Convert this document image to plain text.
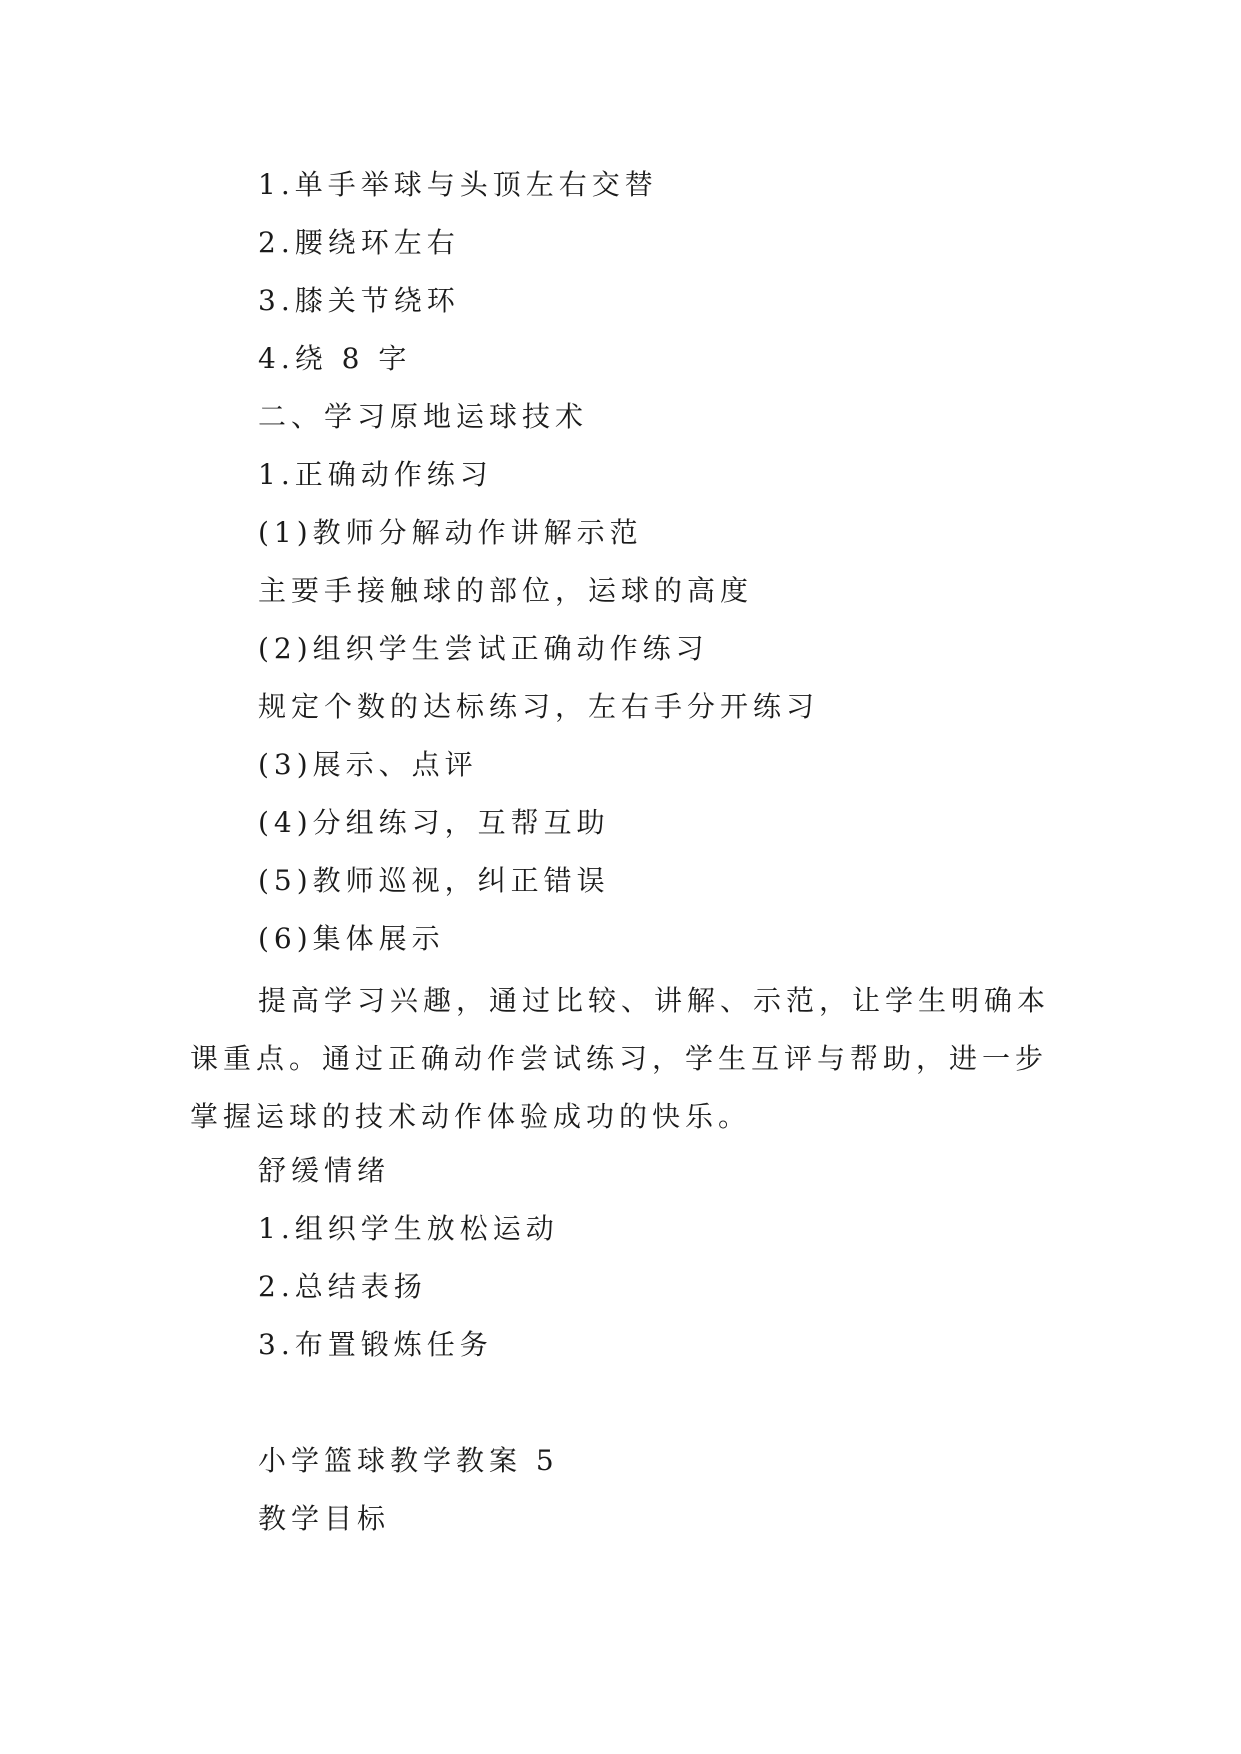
1.单手举球与头顶左右交替
2.腰绕环左右
3.膝关节绕环
4.绕 8 字
二、学习原地运球技术
1.正确动作练习
(1)教师分解动作讲解示范
主要手接触球的部位，运球的高度
(2)组织学生尝试正确动作练习
规定个数的达标练习，左右手分开练习
(3)展示、点评
(4)分组练习，互帮互助
(5)教师巡视，纠正错误
(6)集体展示
提高学习兴趣，通过比较、讲解、示范，让学生明确本课重点。通过正确动作尝试练习，学生互评与帮助，进一步掌握运球的技术动作体验成功的快乐。
舒缓情绪
1.组织学生放松运动
2.总结表扬
3.布置锻炼任务
小学篮球教学教案 5
教学目标
